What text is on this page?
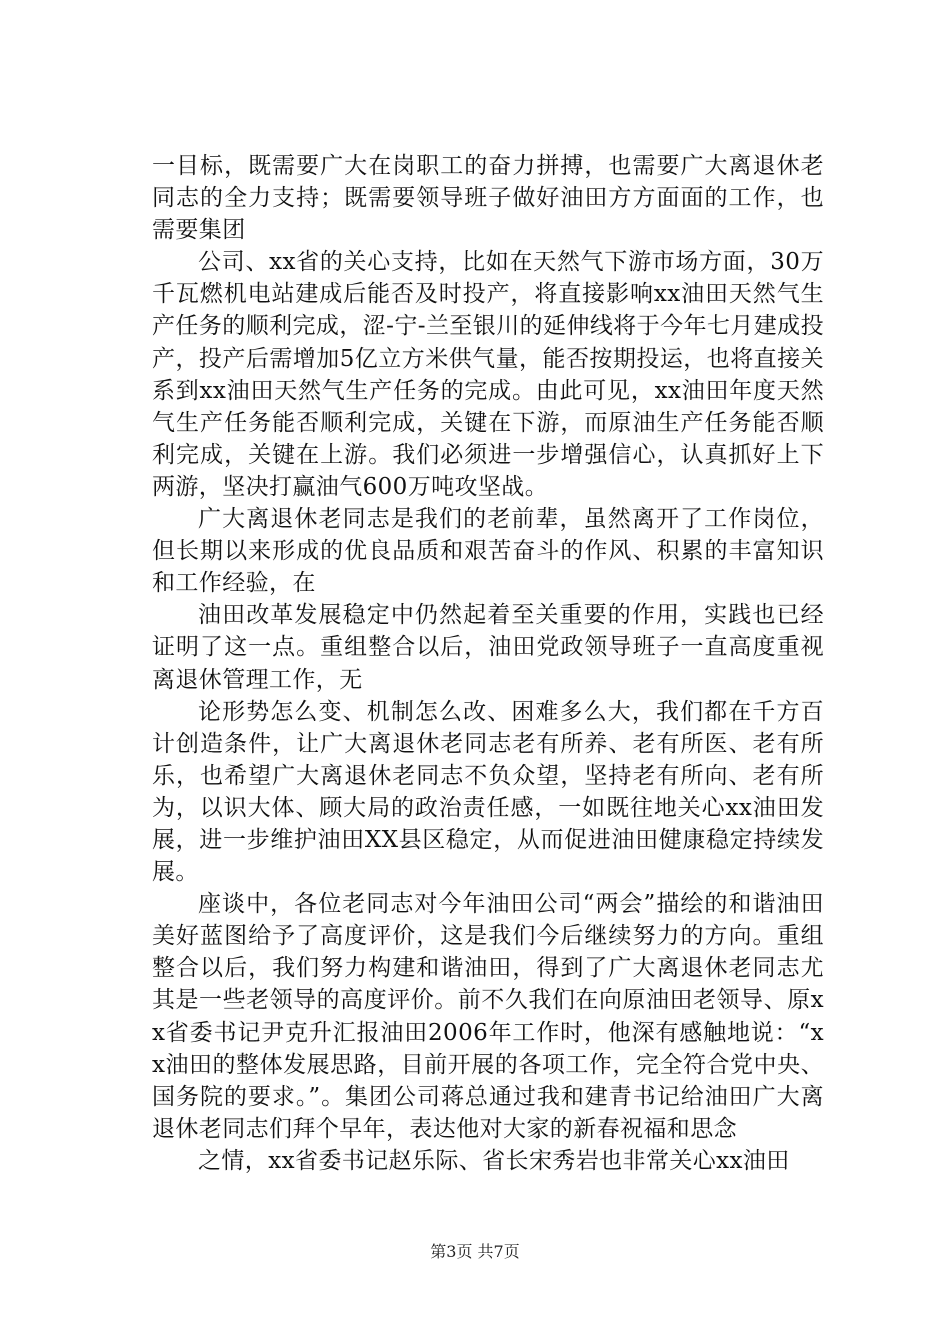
一目标，既需要广大在岗职工的奋力拼搏，也需要广大离退休老同志的全力支持；既需要领导班子做好油田方方面面的工作，也需要集团

公司、xx省的关心支持，比如在天然气下游市场方面，30万千瓦燃机电站建成后能否及时投产，将直接影响xx油田天然气生产任务的顺利完成，涩-宁-兰至银川的延伸线将于今年七月建成投产，投产后需增加5亿立方米供气量，能否按期投运，也将直接关系到xx油田天然气生产任务的完成。由此可见，xx油田年度天然气生产任务能否顺利完成，关键在下游，而原油生产任务能否顺利完成，关键在上游。我们必须进一步增强信心，认真抓好上下两游，坚决打赢油气600万吨攻坚战。

广大离退休老同志是我们的老前辈，虽然离开了工作岗位，但长期以来形成的优良品质和艰苦奋斗的作风、积累的丰富知识和工作经验，在

油田改革发展稳定中仍然起着至关重要的作用，实践也已经证明了这一点。重组整合以后，油田党政领导班子一直高度重视离退休管理工作，无

论形势怎么变、机制怎么改、困难多么大，我们都在千方百计创造条件，让广大离退休老同志老有所养、老有所医、老有所乐，也希望广大离退休老同志不负众望，坚持老有所向、老有所为，以识大体、顾大局的政治责任感，一如既往地关心xx油田发展，进一步维护油田XX县区稳定，从而促进油田健康稳定持续发展。

座谈中，各位老同志对今年油田公司“两会”描绘的和谐油田美好蓝图给予了高度评价，这是我们今后继续努力的方向。重组整合以后，我们努力构建和谐油田，得到了广大离退休老同志尤其是一些老领导的高度评价。前不久我们在向原油田老领导、原xx省委书记尹克升汇报油田2006年工作时，他深有感触地说：“xx油田的整体发展思路，目前开展的各项工作，完全符合党中央、国务院的要求。”。集团公司蒋总通过我和建青书记给油田广大离退休老同志们拜个早年，表达他对大家的新春祝福和思念

之情，xx省委书记赵乐际、省长宋秀岩也非常关心xx油田

第3页 共7页
